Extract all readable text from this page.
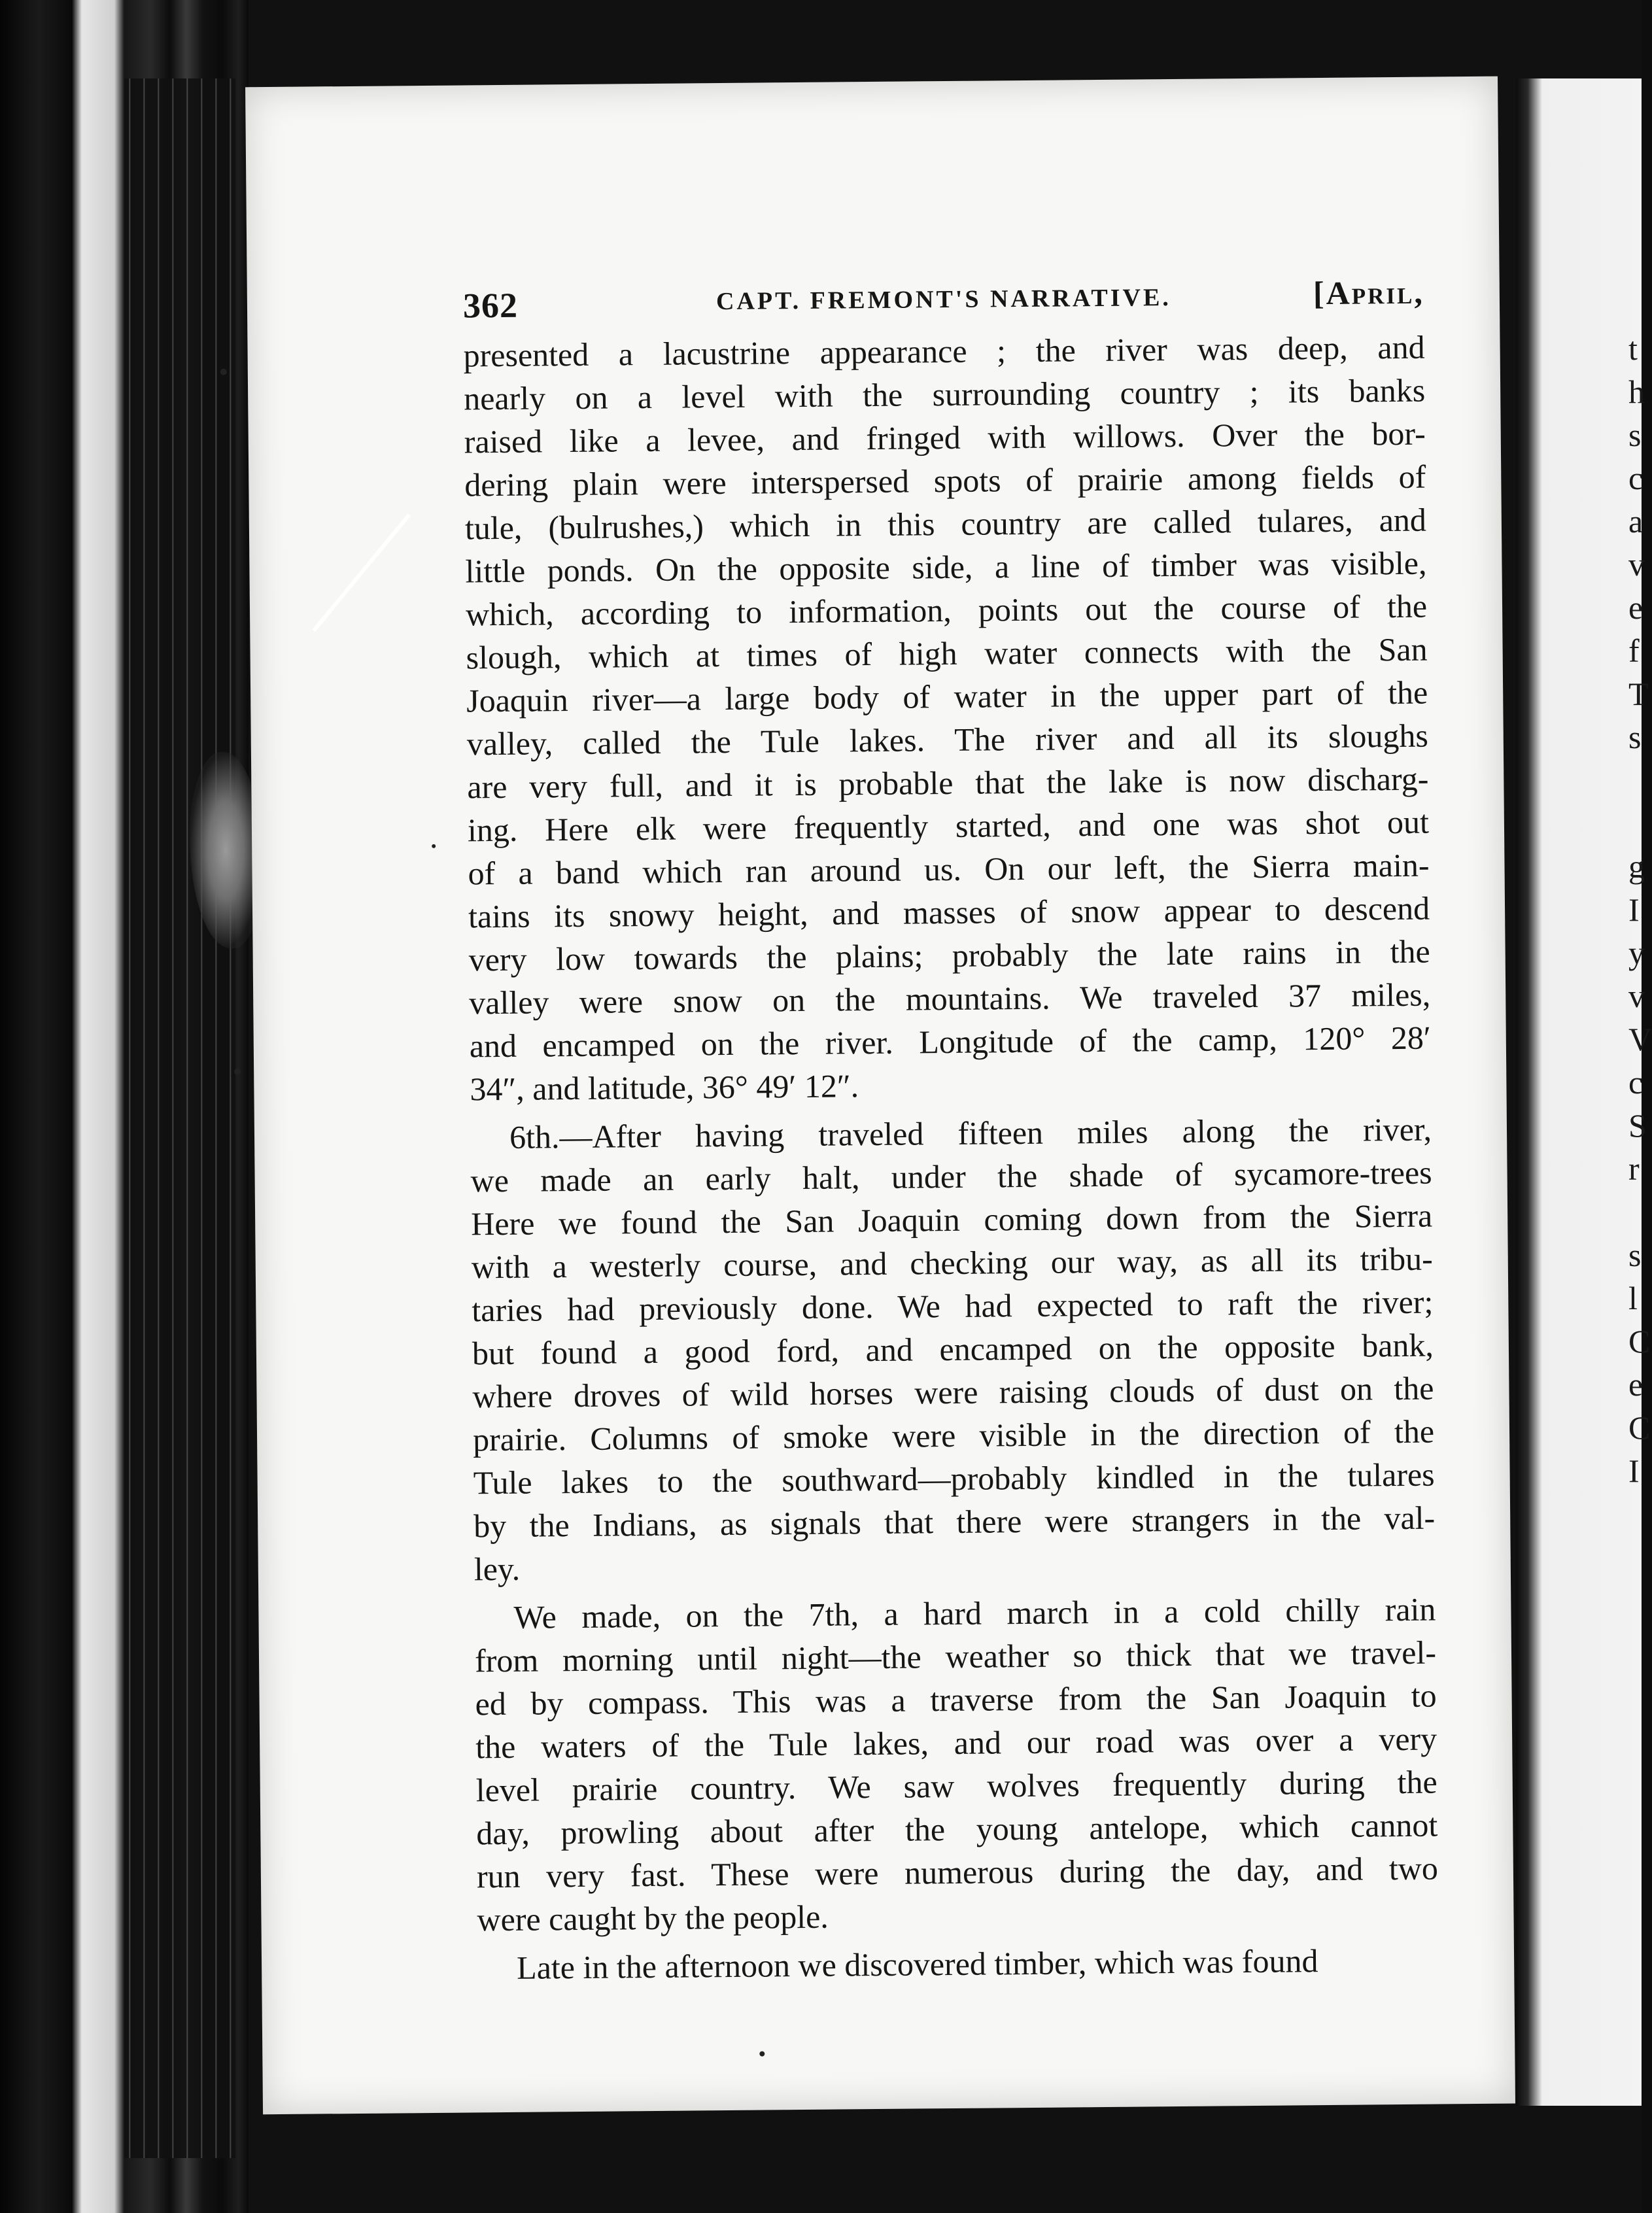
t
h
s
c
a
v
e
f
T
s
g
I
y
v
V
c
S
r
s
l
C
e
C
I
362	CAPT. FREMONT'S NARRATIVE.	[April,
presented a lacustrine appearance ; the river was deep, and
nearly on a level with the surrounding country ; its banks
raised like a levee, and fringed with willows. Over the bor-
dering plain were interspersed spots of prairie among fields of
tule, (bulrushes,) which in this country are called tulares, and
little ponds. On the opposite side, a line of timber was visible,
which, according to information, points out the course of the
slough, which at times of high water connects with the San
Joaquin river—a large body of water in the upper part of the
valley, called the Tule lakes. The river and all its sloughs
are very full, and it is probable that the lake is now discharg-
ing. Here elk were frequently started, and one was shot out
of a band which ran around us. On our left, the Sierra main-
tains its snowy height, and masses of snow appear to descend
very low towards the plains; probably the late rains in the
valley were snow on the mountains. We traveled 37 miles,
and encamped on the river. Longitude of the camp, 120° 28′
34″, and latitude, 36° 49′ 12″.
6th.—After having traveled fifteen miles along the river,
we made an early halt, under the shade of sycamore-trees
Here we found the San Joaquin coming down from the Sierra
with a westerly course, and checking our way, as all its tribu-
taries had previously done. We had expected to raft the river;
but found a good ford, and encamped on the opposite bank,
where droves of wild horses were raising clouds of dust on the
prairie. Columns of smoke were visible in the direction of the
Tule lakes to the southward—probably kindled in the tulares
by the Indians, as signals that there were strangers in the val-
ley.
We made, on the 7th, a hard march in a cold chilly rain
from morning until night—the weather so thick that we travel-
ed by compass. This was a traverse from the San Joaquin to
the waters of the Tule lakes, and our road was over a very
level prairie country. We saw wolves frequently during the
day, prowling about after the young antelope, which cannot
run very fast. These were numerous during the day, and two
were caught by the people.
Late in the afternoon we discovered timber, which was found
